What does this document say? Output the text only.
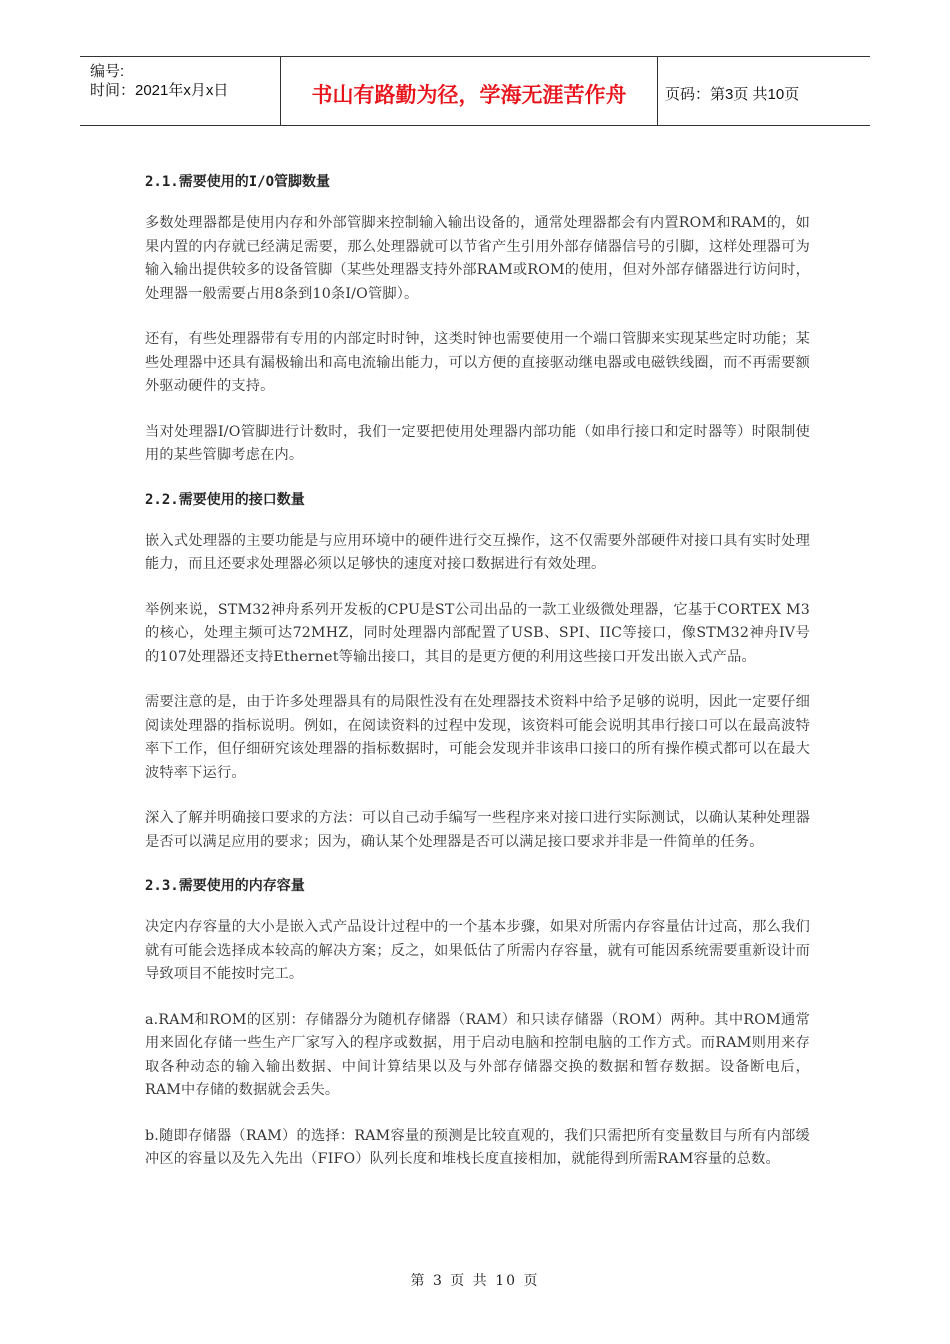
编号:
时间：2021年x月x日	书山有路勤为径，学海无涯苦作舟	页码：第3页 共10页
2.1.需要使用的I/O管脚数量

多数处理器都是使用内存和外部管脚来控制输入输出设备的，通常处理器都会有内置ROM和RAM的，如果内置的内存就已经满足需要，那么处理器就可以节省产生引用外部存储器信号的引脚，这样处理器可为输入输出提供较多的设备管脚（某些处理器支持外部RAM或ROM的使用，但对外部存储器进行访问时，处理器一般需要占用8条到10条I/O管脚）。

还有，有些处理器带有专用的内部定时时钟，这类时钟也需要使用一个端口管脚来实现某些定时功能；某些处理器中还具有漏极输出和高电流输出能力，可以方便的直接驱动继电器或电磁铁线圈，而不再需要额外驱动硬件的支持。

当对处理器I/O管脚进行计数时，我们一定要把使用处理器内部功能（如串行接口和定时器等）时限制使用的某些管脚考虑在内。

2.2.需要使用的接口数量

嵌入式处理器的主要功能是与应用环境中的硬件进行交互操作，这不仅需要外部硬件对接口具有实时处理能力，而且还要求处理器必须以足够快的速度对接口数据进行有效处理。

举例来说，STM32神舟系列开发板的CPU是ST公司出品的一款工业级微处理器，它基于CORTEX M3的核心，处理主频可达72MHZ，同时处理器内部配置了USB、SPI、IIC等接口，像STM32神舟IV号的107处理器还支持Ethernet等输出接口，其目的是更方便的利用这些接口开发出嵌入式产品。

需要注意的是，由于许多处理器具有的局限性没有在处理器技术资料中给予足够的说明，因此一定要仔细阅读处理器的指标说明。例如，在阅读资料的过程中发现，该资料可能会说明其串行接口可以在最高波特率下工作，但仔细研究该处理器的指标数据时，可能会发现并非该串口接口的所有操作模式都可以在最大波特率下运行。

深入了解并明确接口要求的方法：可以自己动手编写一些程序来对接口进行实际测试，以确认某种处理器是否可以满足应用的要求；因为，确认某个处理器是否可以满足接口要求并非是一件简单的任务。

2.3.需要使用的内存容量

决定内存容量的大小是嵌入式产品设计过程中的一个基本步骤，如果对所需内存容量估计过高，那么我们就有可能会选择成本较高的解决方案；反之，如果低估了所需内存容量，就有可能因系统需要重新设计而导致项目不能按时完工。

a.RAM和ROM的区别：存储器分为随机存储器（RAM）和只读存储器（ROM）两种。其中ROM通常用来固化存储一些生产厂家写入的程序或数据，用于启动电脑和控制电脑的工作方式。而RAM则用来存取各种动态的输入输出数据、中间计算结果以及与外部存储器交换的数据和暂存数据。设备断电后，RAM中存储的数据就会丢失。

b.随即存储器（RAM）的选择：RAM容量的预测是比较直观的，我们只需把所有变量数目与所有内部缓冲区的容量以及先入先出（FIFO）队列长度和堆栈长度直接相加，就能得到所需RAM容量的总数。

第 3 页 共 10 页
